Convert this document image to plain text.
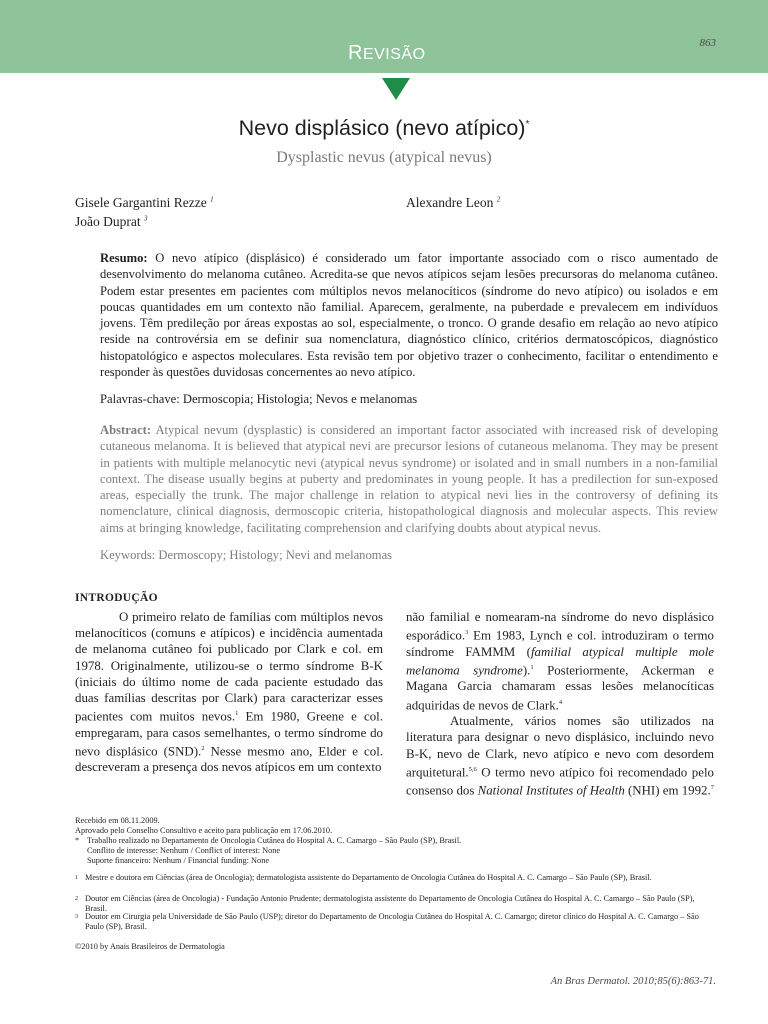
REVISÃO
863
Nevo displásico (nevo atípico)*
Dysplastic nevus (atypical nevus)
Gisele Gargantini Rezze $^1$	Alexandre Leon $^2$
João Duprat $^3$
Resumo: O nevo atípico (displásico) é considerado um fator importante associado com o risco aumentado de desenvolvimento do melanoma cutâneo. Acredita-se que nevos atípicos sejam lesões precursoras do melanoma cutâneo. Podem estar presentes em pacientes com múltiplos nevos melanocíticos (síndrome do nevo atípico) ou isolados e em poucas quantidades em um contexto não familial. Aparecem, geralmente, na puberdade e prevalecem em indivíduos jovens. Têm predileção por áreas expostas ao sol, especialmente, o tronco. O grande desafio em relação ao nevo atípico reside na controvérsia em se definir sua nomenclatura, diagnóstico clínico, critérios dermatoscópicos, diagnóstico histopatológico e aspectos moleculares. Esta revisão tem por objetivo trazer o conhecimento, facilitar o entendimento e responder às questões duvidosas concernentes ao nevo atípico.
Palavras-chave: Dermoscopia; Histologia; Nevos e melanomas
Abstract: Atypical nevum (dysplastic) is considered an important factor associated with increased risk of developing cutaneous melanoma. It is believed that atypical nevi are precursor lesions of cutaneous melanoma. They may be present in patients with multiple melanocytic nevi (atypical nevus syndrome) or isolated and in small numbers in a non-familial context. The disease usually begins at puberty and predominates in young people. It has a predilection for sun-exposed areas, especially the trunk. The major challenge in relation to atypical nevi lies in the controversy of defining its nomenclature, clinical diagnosis, dermoscopic criteria, histopathological diagnosis and molecular aspects. This review aims at bringing knowledge, facilitating comprehension and clarifying doubts about atypical nevus.
Keywords: Dermoscopy; Histology; Nevi and melanomas
INTRODUÇÃO
O primeiro relato de famílias com múltiplos nevos melanocíticos (comuns e atípicos) e incidência aumentada de melanoma cutâneo foi publicado por Clark e col. em 1978. Originalmente, utilizou-se o termo síndrome B-K (iniciais do último nome de cada paciente estudado das duas famílias descritas por Clark) para caracterizar esses pacientes com muitos nevos.$^1$ Em 1980, Greene e col. empregaram, para casos semelhantes, o termo síndrome do nevo displásico (SND).$^2$ Nesse mesmo ano, Elder e col. descreveram a presença dos nevos atípicos em um contexto
não familial e nomearam-na síndrome do nevo displásico esporádico.$^3$ Em 1983, Lynch e col. introduziram o termo síndrome FAMMM (familial atypical multiple mole melanoma syndrome).$^1$ Posteriormente, Ackerman e Magana Garcia chamaram essas lesões melanocíticas adquiridas de nevos de Clark.$^4$
Atualmente, vários nomes são utilizados na literatura para designar o nevo displásico, incluindo nevo B-K, nevo de Clark, nevo atípico e nevo com desordem arquitetural.$^{5,6}$ O termo nevo atípico foi recomendado pelo consenso dos National Institutes of Health (NHI) em 1992.$^7$
Recebido em 08.11.2009.
Aprovado pelo Conselho Consultivo e aceito para publicação em 17.06.2010.
* Trabalho realizado no Departamento de Oncologia Cutânea do Hospital A. C. Camargo – São Paulo (SP), Brasil.
Conflito de interesse: Nenhum / Conflict of interest: None
Suporte financeiro: Nenhum / Financial funding: None
1 Mestre e doutora em Ciências (área de Oncologia); dermatologista assistente do Departamento de Oncologia Cutânea do Hospital A. C. Camargo – São Paulo (SP), Brasil.
2 Doutor em Ciências (área de Oncologia) - Fundação Antonio Prudente; dermatologista assistente do Departamento de Oncologia Cutânea do Hospital A. C. Camargo – São Paulo (SP), Brasil.
3 Doutor em Cirurgia pela Universidade de São Paulo (USP); diretor do Departamento de Oncologia Cutânea do Hospital A. C. Camargo; diretor clínico do Hospital A. C. Camargo – São Paulo (SP), Brasil.
©2010 by Anais Brasileiros de Dermatologia
An Bras Dermatol. 2010;85(6):863-71.
